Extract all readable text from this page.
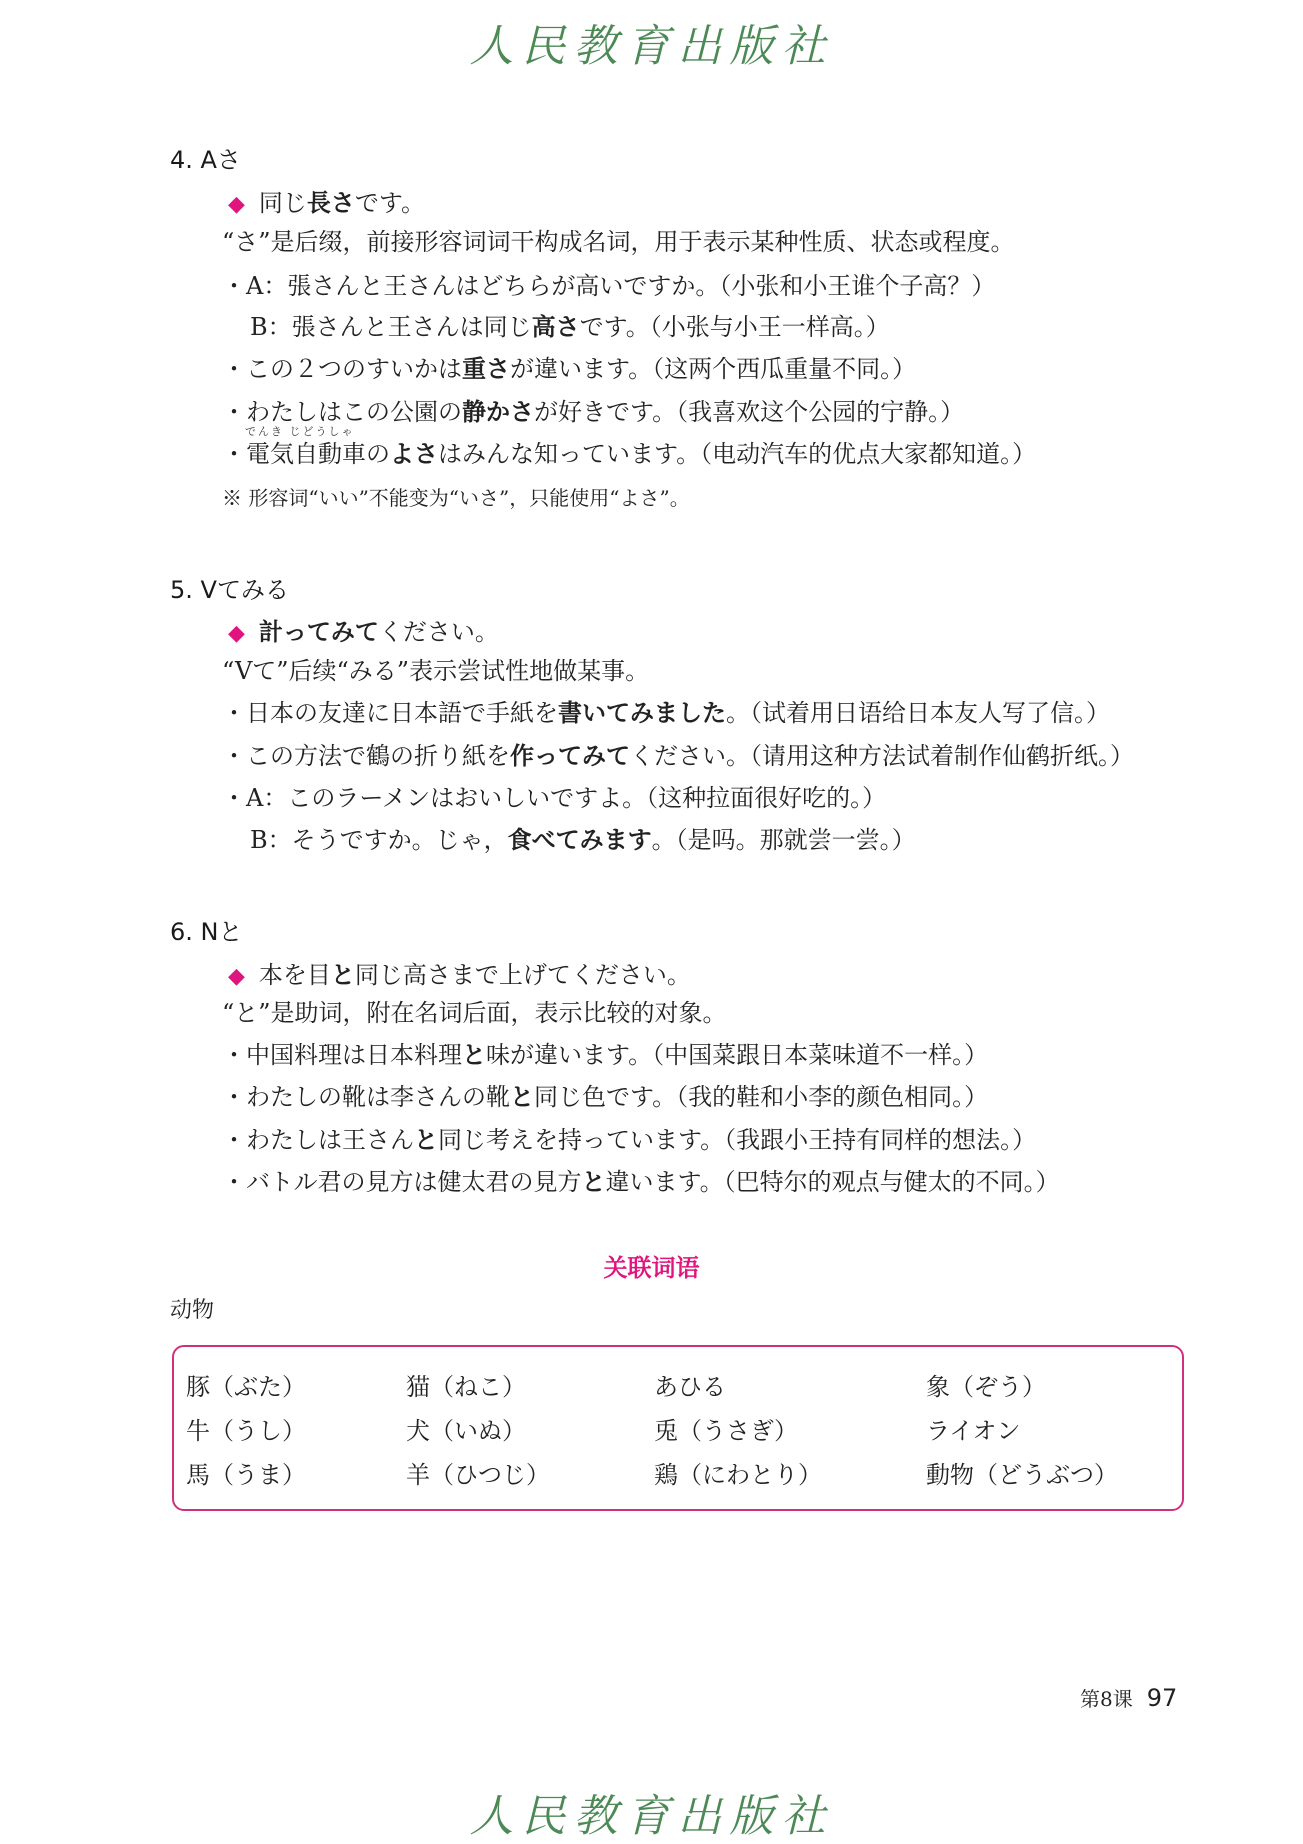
人民教育出版社
4. Aさ
◆ 同じ長さです。
“さ”是后缀，前接形容词词干构成名词，用于表示某种性质、状态或程度。
・A：張さんと王さんはどちらが高いですか。（小张和小王谁个子高？）
B：張さんと王さんは同じ高さです。（小张与小王一样高。）
・この２つのすいかは重さが違います。（这两个西瓜重量不同。）
・わたしはこの公園の静かさが好きです。（我喜欢这个公园的宁静。）
でんき じどうしゃ
・電気自動車のよさはみんな知っています。（电动汽车的优点大家都知道。）
※ 形容词“いい”不能变为“いさ”，只能使用“よさ”。
5. Vてみる
◆ 計ってみてください。
“Vて”后续“みる”表示尝试性地做某事。
・日本の友達に日本語で手紙を書いてみました。（试着用日语给日本友人写了信。）
・この方法で鶴の折り紙を作ってみてください。（请用这种方法试着制作仙鹤折纸。）
・A：このラーメンはおいしいですよ。（这种拉面很好吃的。）
B：そうですか。じゃ，食べてみます。（是吗。那就尝一尝。）
6. Nと
◆ 本を目と同じ高さまで上げてください。
“と”是助词，附在名词后面，表示比较的对象。
・中国料理は日本料理と味が違います。（中国菜跟日本菜味道不一样。）
・わたしの靴は李さんの靴と同じ色です。（我的鞋和小李的颜色相同。）
・わたしは王さんと同じ考えを持っています。（我跟小王持有同样的想法。）
・バトル君の見方は健太君の見方と違います。（巴特尔的观点与健太的不同。）
关联词语
动物
豚（ぶた）	猫（ねこ）	あひる	象（ぞう）
牛（うし）	犬（いぬ）	兎（うさぎ）	ライオン
馬（うま）	羊（ひつじ）	鶏（にわとり）	動物（どうぶつ）
第8课 97
人民教育出版社
